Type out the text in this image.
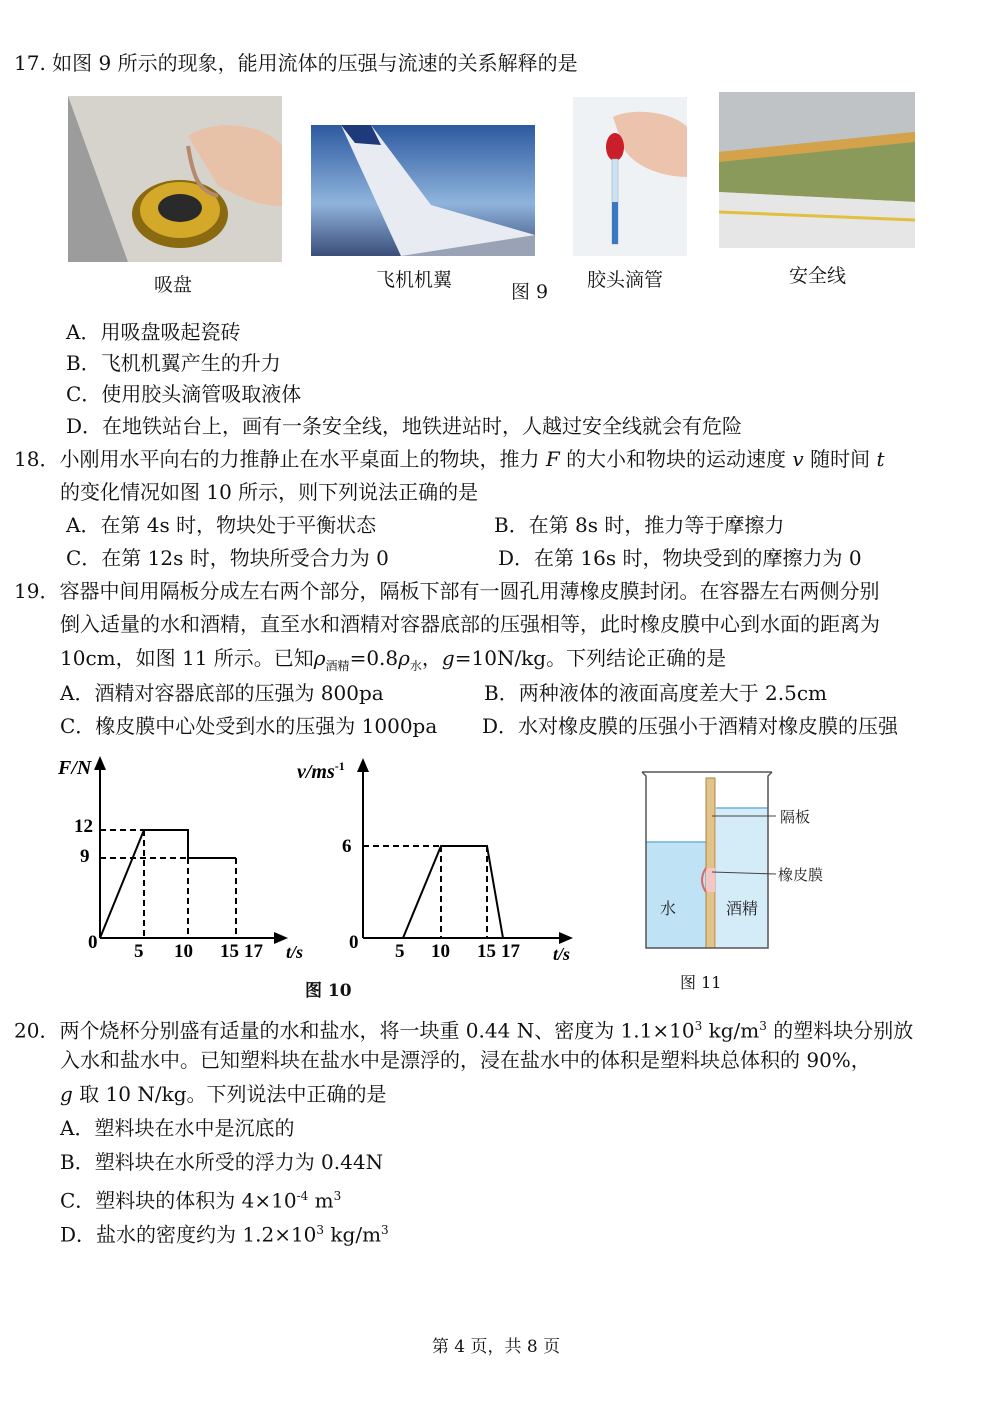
17. 如图 9 所示的现象，能用流体的压强与流速的关系解释的是
吸盘	飞机机翼
图 9
胶头滴管	安全线
A．用吸盘吸起瓷砖
B．飞机机翼产生的升力
C．使用胶头滴管吸取液体
D．在地铁站台上，画有一条安全线，地铁进站时，人越过安全线就会有危险
18．小刚用水平向右的力推静止在水平桌面上的物块，推力 F 的大小和物块的运动速度 v 随时间 t
的变化情况如图 10 所示，则下列说法正确的是
A．在第 4s 时，物块处于平衡状态	B．在第 8s 时，推力等于摩擦力
C．在第 12s 时，物块所受合力为 0	D．在第 16s 时，物块受到的摩擦力为 0
19．容器中间用隔板分成左右两个部分，隔板下部有一圆孔用薄橡皮膜封闭。在容器左右两侧分别
倒入适量的水和酒精，直至水和酒精对容器底部的压强相等，此时橡皮膜中心到水面的距离为
10cm，如图 11 所示。已知$\rho_{酒精}=0.8\rho_水$，g=10N/kg。下列结论正确的是
A．酒精对容器底部的压强为 800pa	B．两种液体的液面高度差大于 2.5cm
C．橡皮膜中心处受到水的压强为 1000pa D．水对橡皮膜的压强小于酒精对橡皮膜的压强
F/N
t/s
12
9
0 5 10 15 17
$v/ms^{-1}$
t/s
6
0 5 10 15 17
图 10
隔板
橡皮膜
水	酒精
图 11
20．两个烧杯分别盛有适量的水和盐水，将一块重 0.44 N、密度为 $1.1\times 10^3$ $kg/m^3$ 的塑料块分别放
入水和盐水中。已知塑料块在盐水中是漂浮的，浸在盐水中的体积是塑料块总体积的 90%，
g 取 10 N/kg。下列说法中正确的是
A．塑料块在水中是沉底的
B．塑料块在水所受的浮力为 0.44N
C．塑料块的体积为 $4\times 10^{-4}$ $m^3$
D．盐水的密度约为 $1.2\times 10^3$ $kg/m^3$
第 4 页，共 8 页
